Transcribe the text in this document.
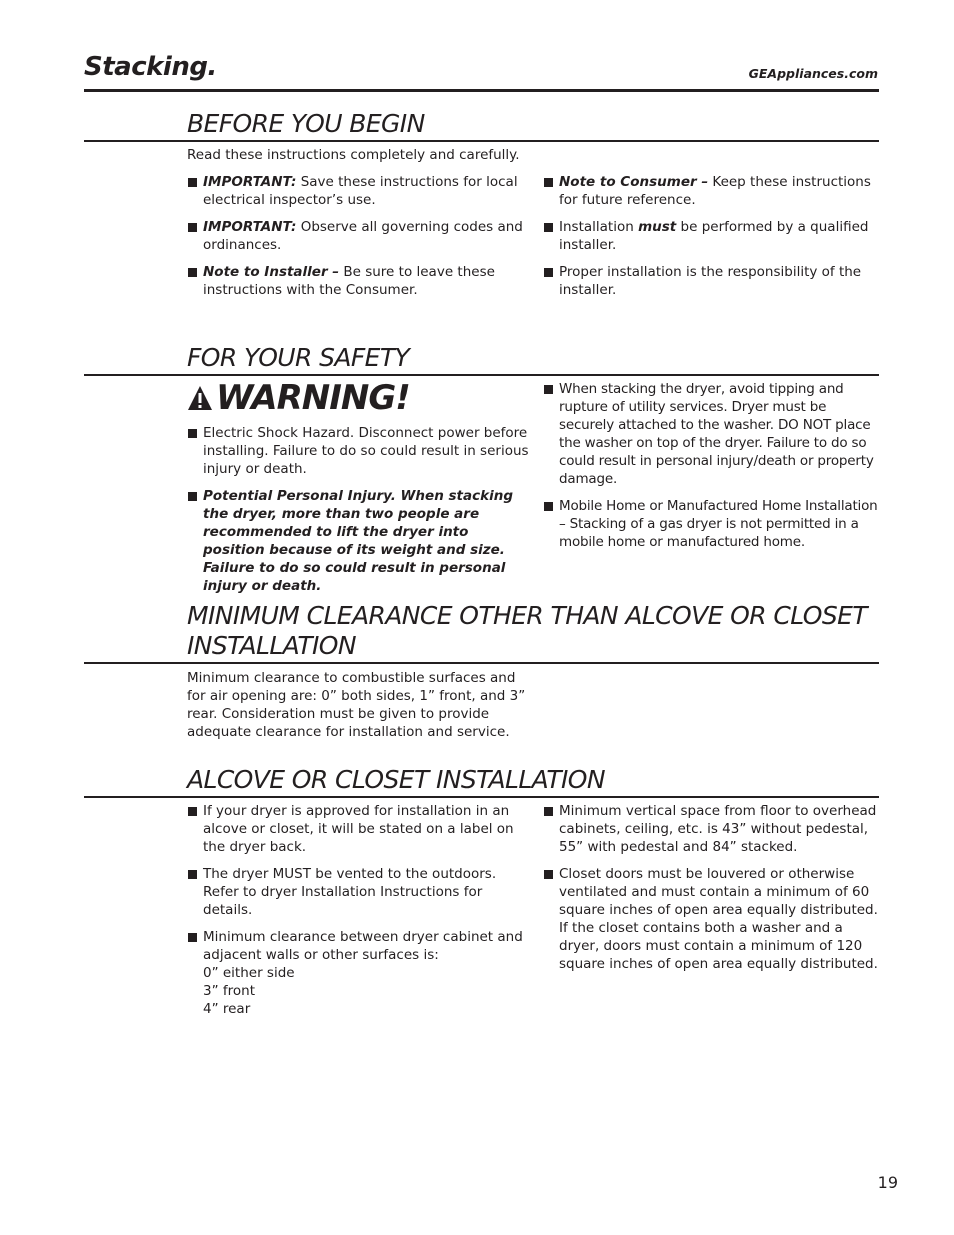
Stacking.	GEAppliances.com
BEFORE YOU BEGIN
Read these instructions completely and carefully.
IMPORTANT: Save these instructions for local electrical inspector’s use.
IMPORTANT: Observe all governing codes and ordinances.
Note to Installer – Be sure to leave these instructions with the Consumer.
Note to Consumer – Keep these instructions for future reference.
Installation must be performed by a qualified installer.
Proper installation is the responsibility of the installer.
FOR YOUR SAFETY
WARNING!
Electric Shock Hazard. Disconnect power before installing. Failure to do so could result in serious injury or death.
Potential Personal Injury. When stacking the dryer, more than two people are recommended to lift the dryer into position because of its weight and size. Failure to do so could result in personal injury or death.
When stacking the dryer, avoid tipping and rupture of utility services. Dryer must be securely attached to the washer. DO NOT place the washer on top of the dryer. Failure to do so could result in personal injury/death or property damage.
Mobile Home or Manufactured Home Installation – Stacking of a gas dryer is not permitted in a mobile home or manufactured home.
MINIMUM CLEARANCE OTHER THAN ALCOVE OR CLOSET
INSTALLATION
Minimum clearance to combustible surfaces and for air opening are: 0” both sides, 1” front, and 3” rear. Consideration must be given to provide adequate clearance for installation and service.
ALCOVE OR CLOSET INSTALLATION
If your dryer is approved for installation in an alcove or closet, it will be stated on a label on the dryer back.
The dryer MUST be vented to the outdoors. Refer to dryer Installation Instructions for details.
Minimum clearance between dryer cabinet and adjacent walls or other surfaces is:
0” either side
3” front
4” rear
Minimum vertical space from floor to overhead cabinets, ceiling, etc. is 43” without pedestal, 55” with pedestal and 84” stacked.
Closet doors must be louvered or otherwise ventilated and must contain a minimum of 60 square inches of open area equally distributed. If the closet contains both a washer and a dryer, doors must contain a minimum of 120 square inches of open area equally distributed.
19
